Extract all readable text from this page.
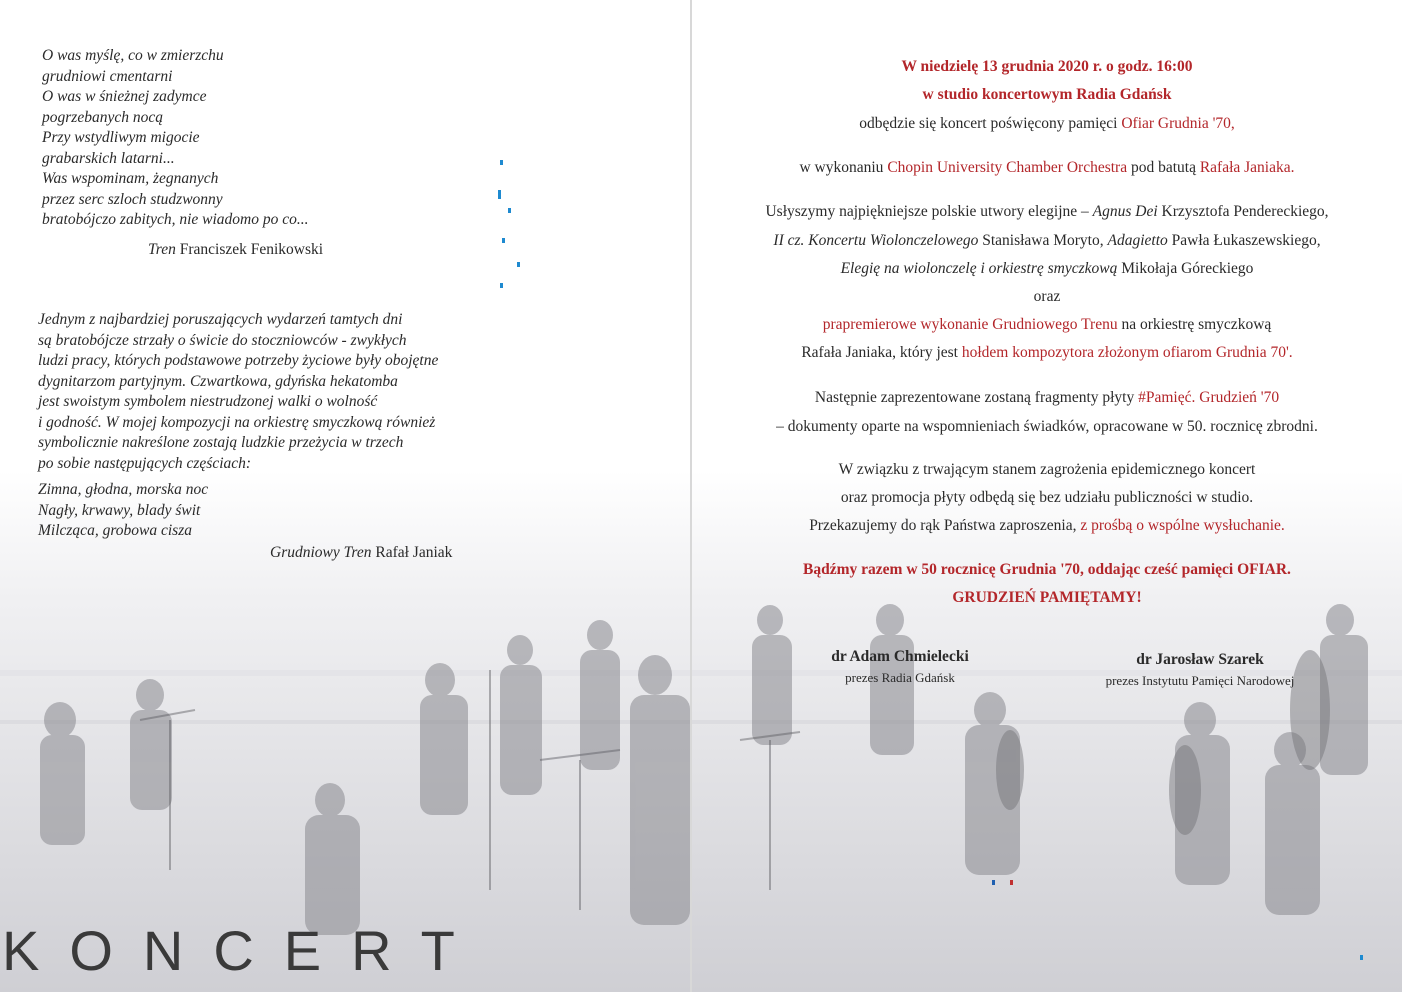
O was myślę, co w zmierzchu
grudniowi cmentarni
O was w śnieżnej zadymce
pogrzebanych nocą
Przy wstydliwym migocie
grabarskich latarni...
Was wspominam, żegnanych
przez serc szloch studzwonny
bratobójczo zabitych, nie wiadomo po co...
Tren Franciszek Fenikowski
Jednym z najbardziej poruszających wydarzeń tamtych dni
są bratobójcze strzały o świcie do stoczniowców - zwykłych
ludzi pracy, których podstawowe potrzeby życiowe były obojętne
dygnitarzom partyjnym. Czwartkowa, gdyńska hekatomba
jest swoistym symbolem niestrudzonej walki o wolność
i godność. W mojej kompozycji na orkiestrę smyczkową również
symbolicznie nakreślone zostają ludzkie przeżycia w trzech
po sobie następujących częściach:
Zimna, głodna, morska noc
Nagły, krwawy, blady świt
Milcząca, grobowa cisza
Grudniowy Tren Rafał Janiak
KONCERT
W niedzielę 13 grudnia 2020 r. o godz. 16:00
w studio koncertowym Radia Gdańsk
odbędzie się koncert poświęcony pamięci Ofiar Grudnia '70,
w wykonaniu Chopin University Chamber Orchestra pod batutą Rafała Janiaka.
Usłyszymy najpiękniejsze polskie utwory elegijne – Agnus Dei Krzysztofa Pendereckiego,
II cz. Koncertu Wiolonczelowego Stanisława Moryto, Adagietto Pawła Łukaszewskiego,
Elegię na wiolonczelę i orkiestrę smyczkową Mikołaja Góreckiego
oraz
prapremierowe wykonanie Grudniowego Trenu na orkiestrę smyczkową
Rafała Janiaka, który jest hołdem kompozytora złożonym ofiarom Grudnia 70'.
Następnie zaprezentowane zostaną fragmenty płyty #Pamięć. Grudzień '70
– dokumenty oparte na wspomnieniach świadków, opracowane w 50. rocznicę zbrodni.
W związku z trwającym stanem zagrożenia epidemicznego koncert
oraz promocja płyty odbędą się bez udziału publiczności w studio.
Przekazujemy do rąk Państwa zaproszenia, z prośbą o wspólne wysłuchanie.
Bądźmy razem w 50 rocznicę Grudnia '70, oddając cześć pamięci OFIAR.
GRUDZIEŃ PAMIĘTAMY!
dr Adam Chmielecki
prezes Radia Gdańsk
dr Jarosław Szarek
prezes Instytutu Pamięci Narodowej
